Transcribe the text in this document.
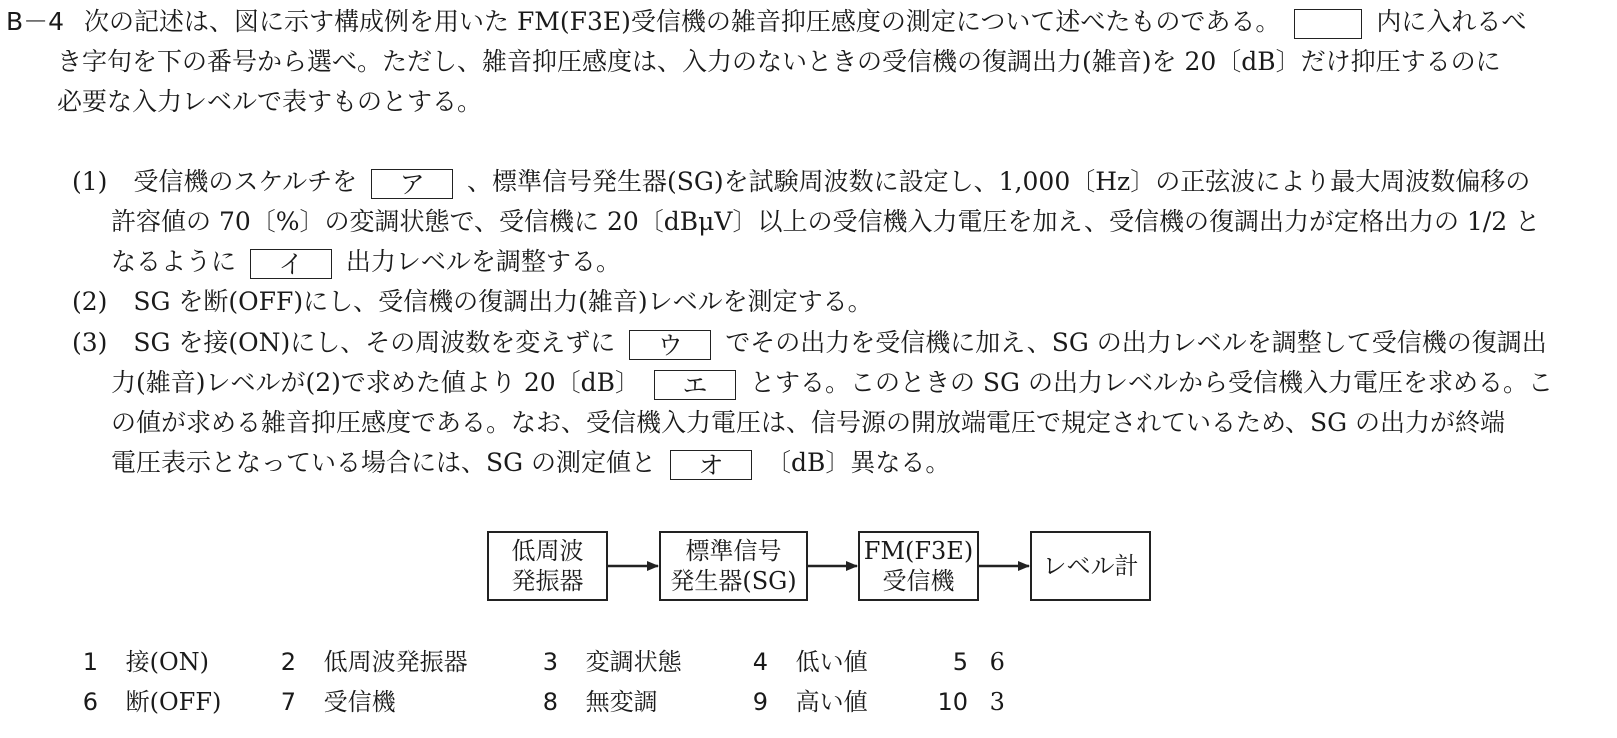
B－4 次の記述は、図に示す構成例を用いた FM(F3E)受信機の雑音抑圧感度の測定について述べたものである。	内に入れるべ
き字句を下の番号から選べ。ただし、雑音抑圧感度は、入力のないときの受信機の復調出力(雑音)を 20〔dB〕だけ抑圧するのに
必要な入力レベルで表すものとする。
(1) 受信機のスケルチを ア 、標準信号発生器(SG)を試験周波数に設定し、1,000〔Hz〕の正弦波により最大周波数偏移の
許容値の 70〔%〕の変調状態で、受信機に 20〔dBμV〕以上の受信機入力電圧を加え、受信機の復調出力が定格出力の 1/2 と
なるように イ 出力レベルを調整する。
(2) SG を断(OFF)にし、受信機の復調出力(雑音)レベルを測定する。
(3) SG を接(ON)にし、その周波数を変えずに ウ でその出力を受信機に加え、SG の出力レベルを調整して受信機の復調出
力(雑音)レベルが(2)で求めた値より 20〔dB〕 エ とする。このときの SG の出力レベルから受信機入力電圧を求める。こ
の値が求める雑音抑圧感度である。なお、受信機入力電圧は、信号源の開放端電圧で規定されているため、SG の出力が終端
電圧表示となっている場合には、SG の測定値と オ 〔dB〕異なる。
低周波
発振器
標準信号
発生器(SG)
FM(F3E)
受信機
レベル計
1 接(ON)	2 低周波発振器	3 変調状態	4 低い値	5 6
6 断(OFF)	7 受信機	8 無変調	9 高い値	10 3
